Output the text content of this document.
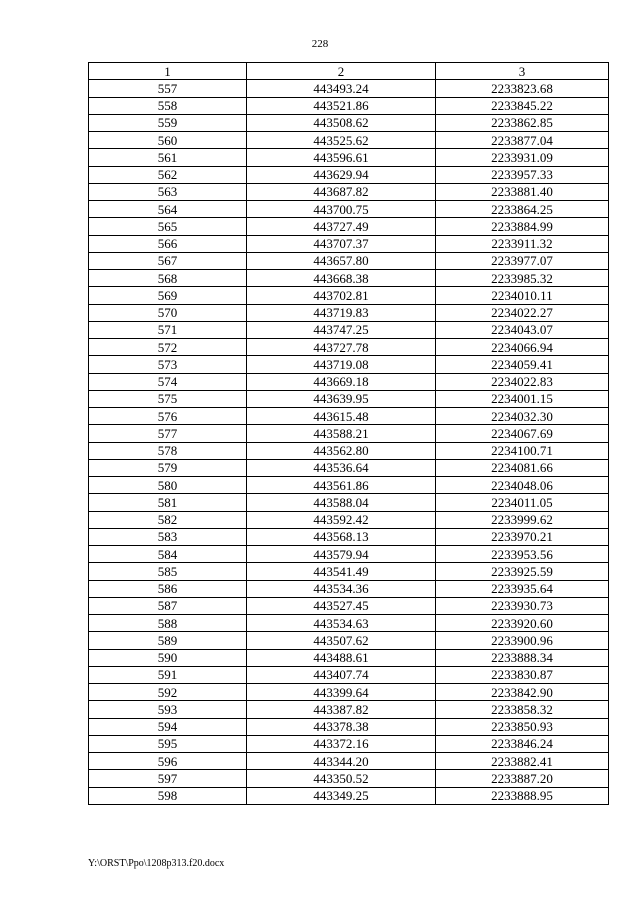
228
1	2	3
557	443493.24	2233823.68
558	443521.86	2233845.22
559	443508.62	2233862.85
560	443525.62	2233877.04
561	443596.61	2233931.09
562	443629.94	2233957.33
563	443687.82	2233881.40
564	443700.75	2233864.25
565	443727.49	2233884.99
566	443707.37	2233911.32
567	443657.80	2233977.07
568	443668.38	2233985.32
569	443702.81	2234010.11
570	443719.83	2234022.27
571	443747.25	2234043.07
572	443727.78	2234066.94
573	443719.08	2234059.41
574	443669.18	2234022.83
575	443639.95	2234001.15
576	443615.48	2234032.30
577	443588.21	2234067.69
578	443562.80	2234100.71
579	443536.64	2234081.66
580	443561.86	2234048.06
581	443588.04	2234011.05
582	443592.42	2233999.62
583	443568.13	2233970.21
584	443579.94	2233953.56
585	443541.49	2233925.59
586	443534.36	2233935.64
587	443527.45	2233930.73
588	443534.63	2233920.60
589	443507.62	2233900.96
590	443488.61	2233888.34
591	443407.74	2233830.87
592	443399.64	2233842.90
593	443387.82	2233858.32
594	443378.38	2233850.93
595	443372.16	2233846.24
596	443344.20	2233882.41
597	443350.52	2233887.20
598	443349.25	2233888.95
Y:\ORST\Ppo\1208p313.f20.docx
